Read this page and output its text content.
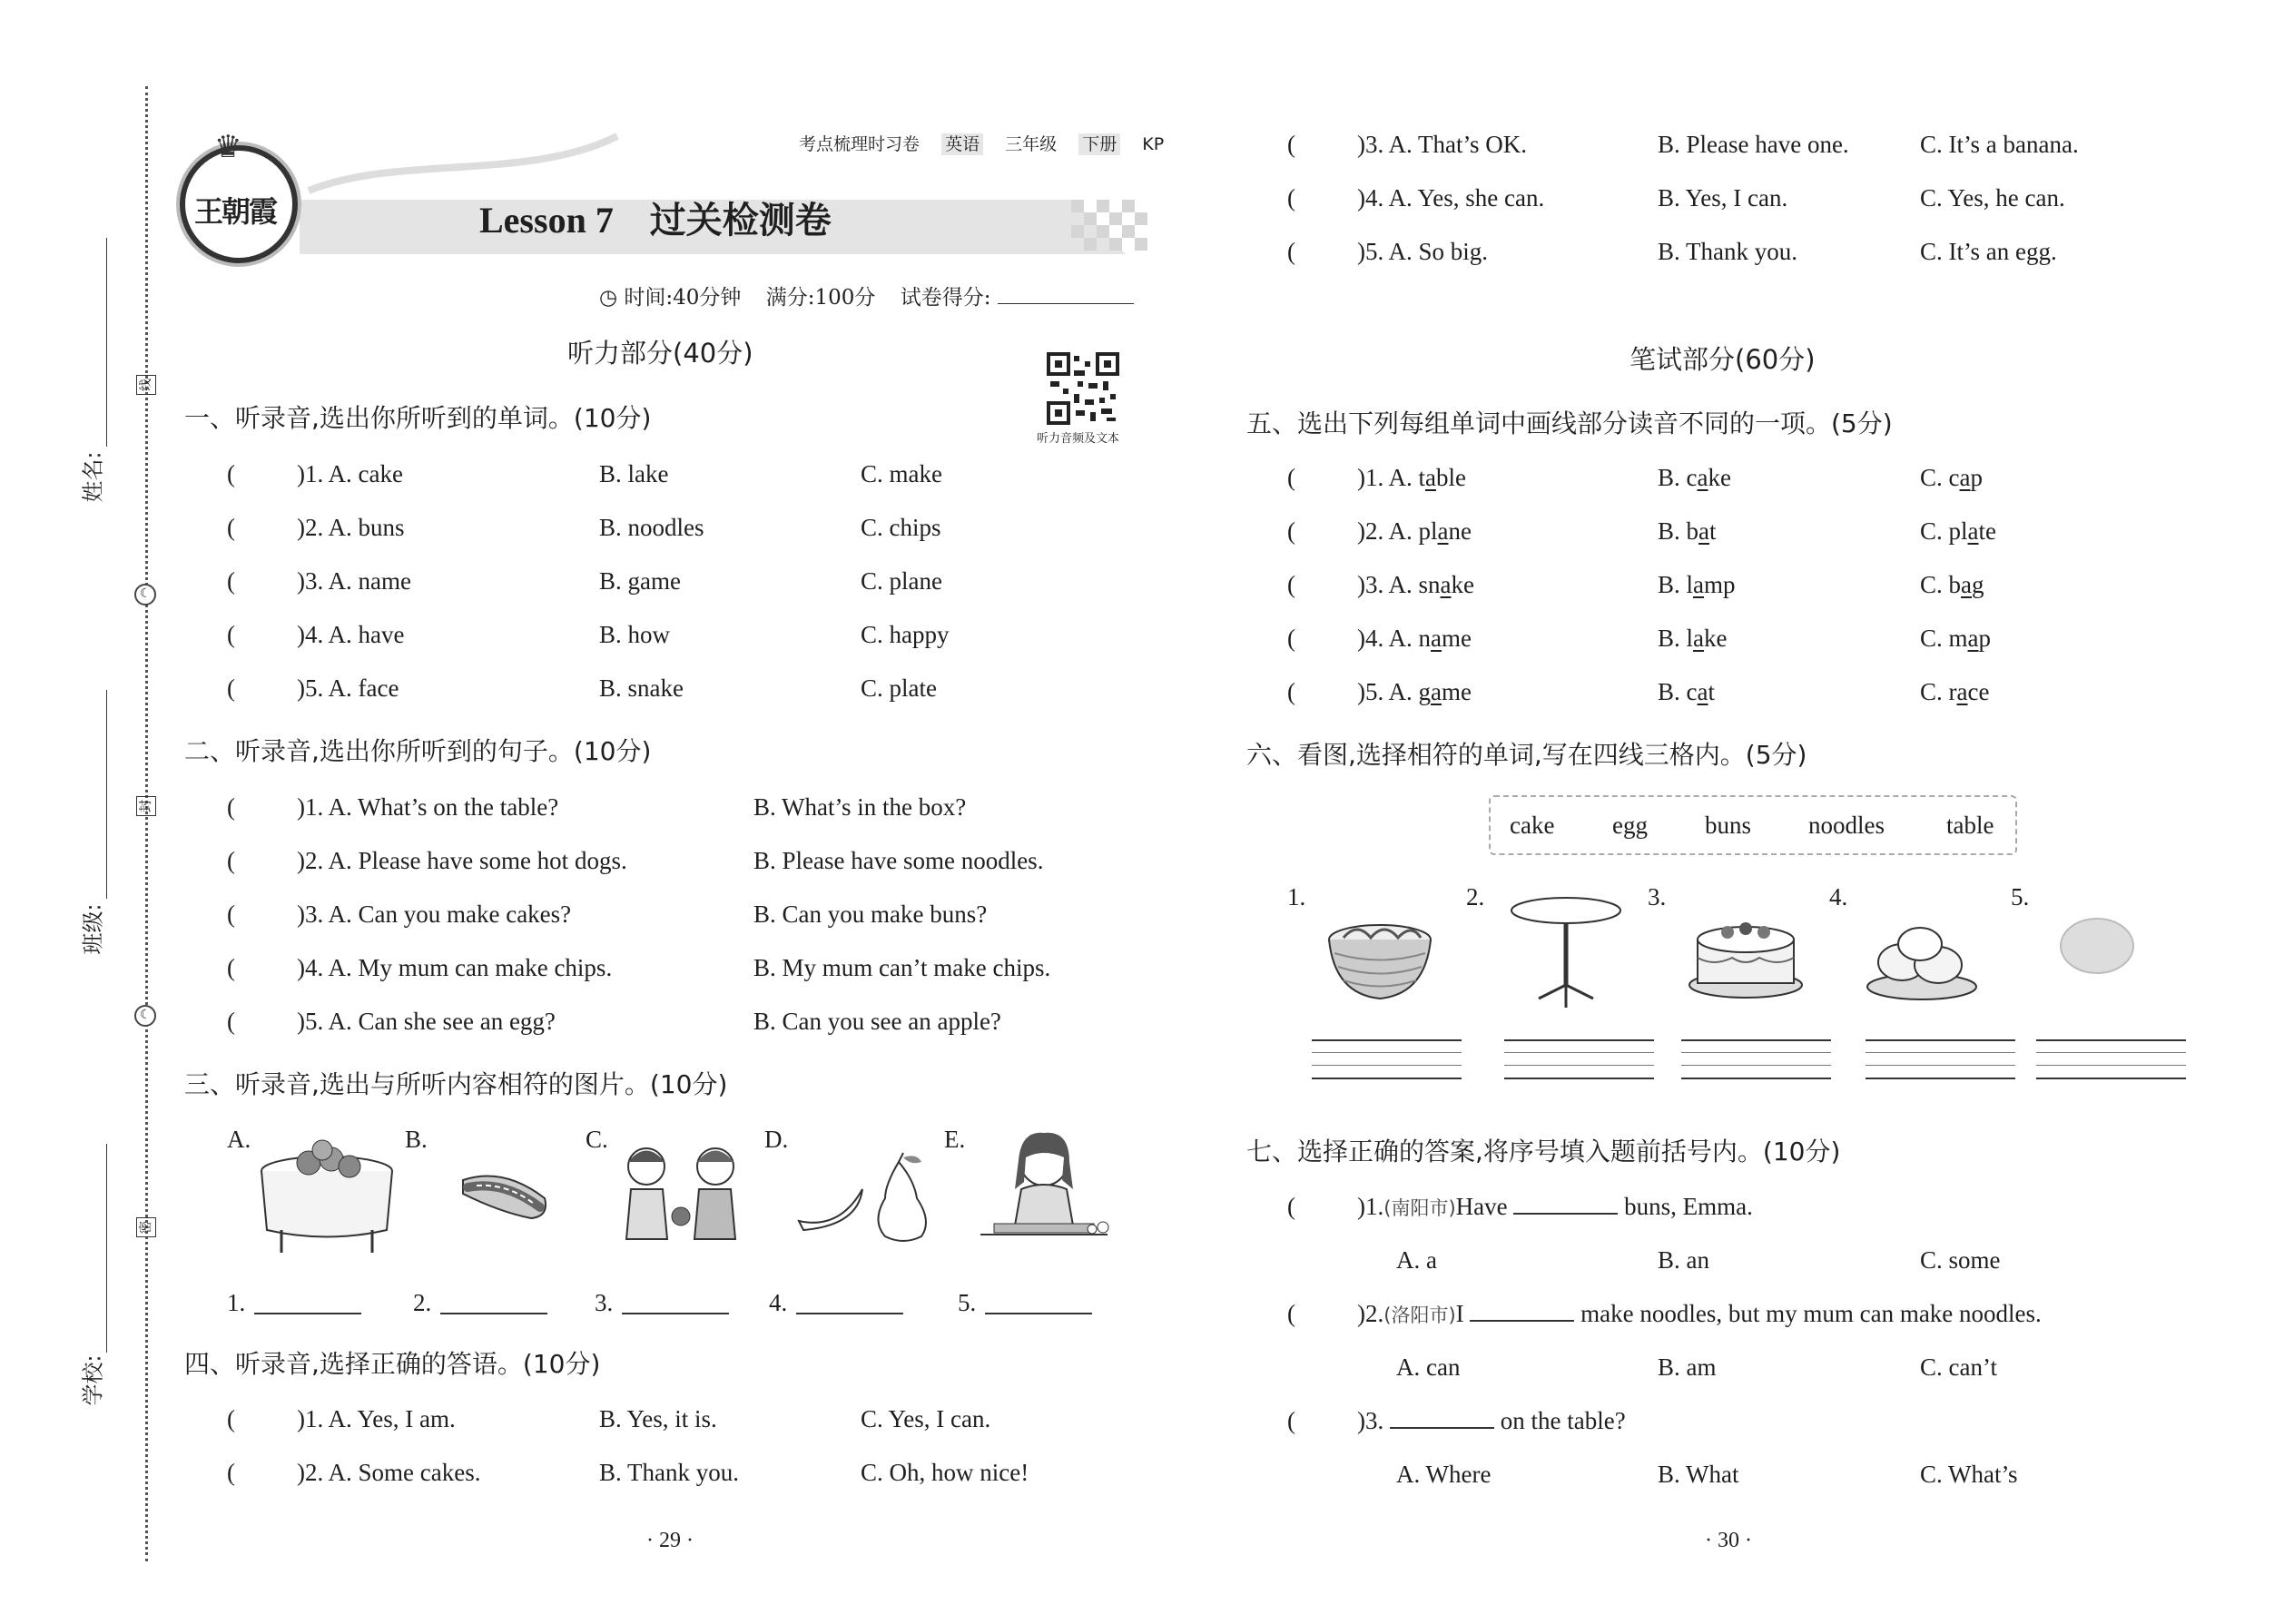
线
封
密
☾
☾
姓名:
班级:
学校:
♛
王朝霞
考点梳理时习卷 英语 三年级 下册 KP
Lesson 7　过关检测卷
◷ 时间:40分钟 满分:100分 试卷得分:
听力部分(40分)
听力音频及文本
一、听录音,选出你所听到的单词。(10分)
(	)1. A. cake	B. lake	C. make
(	)2. A. buns	B. noodles	C. chips
(	)3. A. name	B. game	C. plane
(	)4. A. have	B. how	C. happy
(	)5. A. face	B. snake	C. plate
二、听录音,选出你所听到的句子。(10分)
(	)1. A. What’s on the table?	B. What’s in the box?
(	)2. A. Please have some hot dogs.	B. Please have some noodles.
(	)3. A. Can you make cakes?	B. Can you make buns?
(	)4. A. My mum can make chips.	B. My mum can’t make chips.
(	)5. A. Can she see an egg?	B. Can you see an apple?
三、听录音,选出与所听内容相符的图片。(10分)
A.	B.	C.	D.	E.
1.	2.	3.	4.	5.
四、听录音,选择正确的答语。(10分)
(	)1. A. Yes, I am.	B. Yes, it is.	C. Yes, I can.
(	)2. A. Some cakes.	B. Thank you.	C. Oh, how nice!
· 29 ·
(	)3. A. That’s OK.	B. Please have one.	C. It’s a banana.
(	)4. A. Yes, she can.	B. Yes, I can.	C. Yes, he can.
(	)5. A. So big.	B. Thank you.	C. It’s an egg.
笔试部分(60分)
五、选出下列每组单词中画线部分读音不同的一项。(5分)
(	)1. A. table	B. cake	C. cap
(	)2. A. plane	B. bat	C. plate
(	)3. A. snake	B. lamp	C. bag
(	)4. A. name	B. lake	C. map
(	)5. A. game	B. cat	C. race
六、看图,选择相符的单词,写在四线三格内。(5分)
cake egg buns noodles	table
1.	2.	3.	4.	5.
七、选择正确的答案,将序号填入题前括号内。(10分)
(	)1.(南阳市)Have	buns, Emma.
A. a	B. an	C. some
(	)2.(洛阳市)I	make noodles, but my mum can make noodles.
A. can	B. am	C. can’t
(	)3.	on the table?
A. Where	B. What	C. What’s
· 30 ·
